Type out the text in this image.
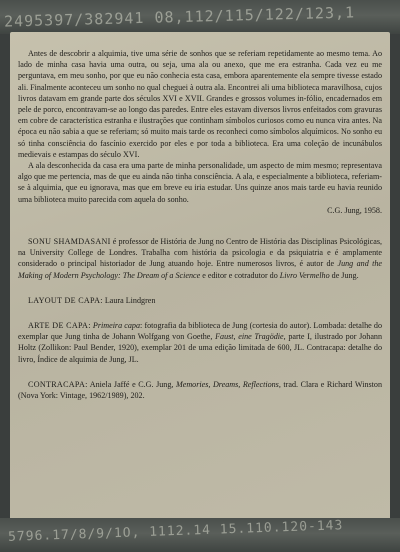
2495397/382941 08,112/115/122/123,1

Antes de descobrir a alquimia, tive uma série de sonhos que se referiam repetidamente ao mesmo tema. Ao lado de minha casa havia uma outra, ou seja, uma ala ou anexo, que me era estranha. Cada vez eu me perguntava, em meu sonho, por que eu não conhecia esta casa, embora aparentemente ela sempre tivesse estado ali. Finalmente aconteceu um sonho no qual cheguei à outra ala. Encontrei ali uma biblioteca maravilhosa, cujos livros datavam em grande parte dos séculos XVI e XVII. Grandes e grossos volumes in-fólio, encadernados em pele de porco, encontravam-se ao longo das paredes. Entre eles estavam diversos livros enfeitados com gravuras em cobre de característica estranha e ilustrações que continham símbolos curiosos como eu nunca vira antes. Na época eu não sabia a que se referiam; só muito mais tarde os reconheci como símbolos alquímicos. No sonho eu só tinha consciência do fascínio exercido por eles e por toda a biblioteca. Era uma coleção de incunábulos medievais e estampas do século XVI.

A ala desconhecida da casa era uma parte de minha personalidade, um aspecto de mim mesmo; representava algo que me pertencia, mas de que eu ainda não tinha consciência. A ala, e especialmente a biblioteca, referiam-se à alquimia, que eu ignorava, mas que em breve eu iria estudar. Uns quinze anos mais tarde eu havia reunido uma biblioteca muito parecida com aquela do sonho.

C.G. Jung, 1958.

SONU SHAMDASANI é professor de História de Jung no Centro de História das Disciplinas Psicológicas, na University College de Londres. Trabalha com história da psicologia e da psiquiatria e é amplamente considerado o principal historiador de Jung atuando hoje. Entre numerosos livros, é autor de Jung and the Making of Modern Psychology: The Dream of a Science e editor e cotradutor do Livro Vermelho de Jung.

LAYOUT DE CAPA: Laura Lindgren

ARTE DE CAPA: Primeira capa: fotografia da biblioteca de Jung (cortesia do autor). Lombada: detalhe do exemplar que Jung tinha de Johann Wolfgang von Goethe, Faust, eine Tragödie, parte I, ilustrado por Johann Holtz (Zollikon: Paul Bender, 1920), exemplar 201 de uma edição limitada de 600, JL. Contracapa: detalhe do livro, Índice de alquimia de Jung, JL.

CONTRACAPA: Aniela Jaffé e C.G. Jung, Memories, Dreams, Reflections, trad. Clara e Richard Winston (Nova York: Vintage, 1962/1989), 202.

5796.17/8/9/1O, 1112.14 15.110.120-143
